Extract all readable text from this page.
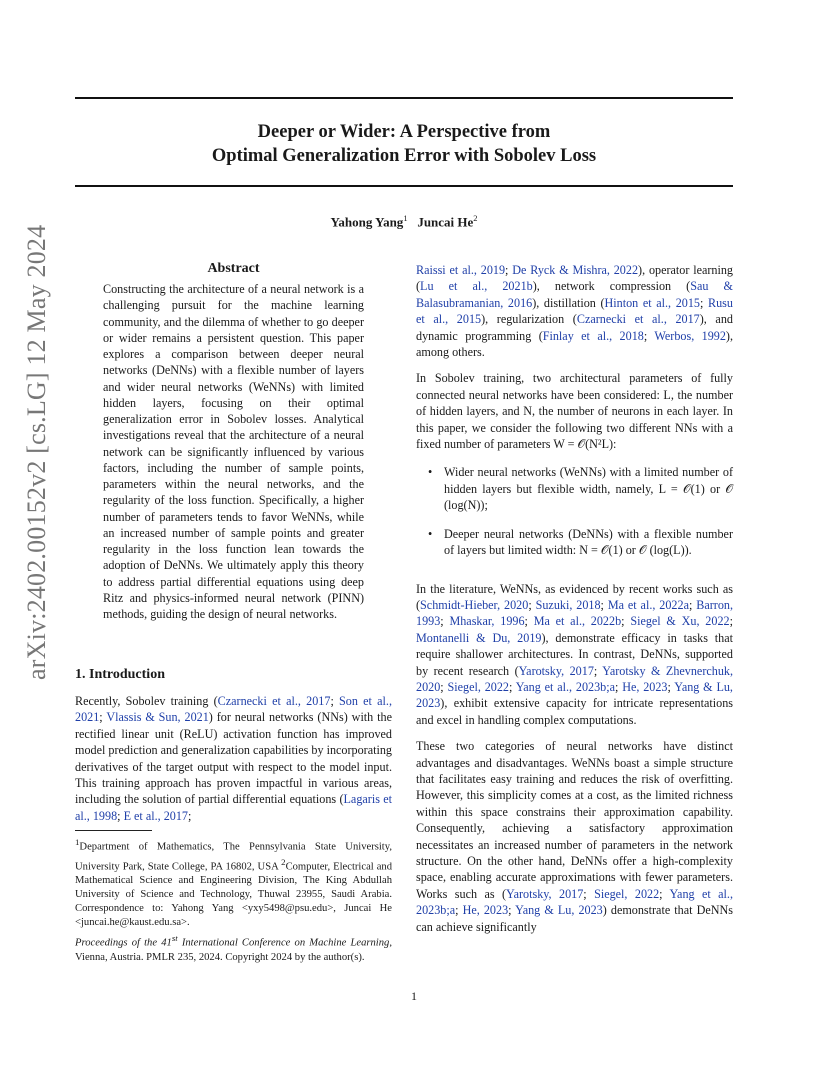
arXiv:2402.00152v2 [cs.LG] 12 May 2024
Deeper or Wider: A Perspective from
Optimal Generalization Error with Sobolev Loss
Yahong Yang$^1$ Juncai He$^2$
Abstract
Constructing the architecture of a neural network is a challenging pursuit for the machine learning community, and the dilemma of whether to go deeper or wider remains a persistent question. This paper explores a comparison between deeper neural networks (DeNNs) with a flexible number of layers and wider neural networks (WeNNs) with limited hidden layers, focusing on their optimal generalization error in Sobolev losses. Analytical investigations reveal that the architecture of a neural network can be significantly influenced by various factors, including the number of sample points, parameters within the neural networks, and the regularity of the loss function. Specifically, a higher number of parameters tends to favor WeNNs, while an increased number of sample points and greater regularity in the loss function lean towards the adoption of DeNNs. We ultimately apply this theory to address partial differential equations using deep Ritz and physics-informed neural network (PINN) methods, guiding the design of neural networks.
1. Introduction

Recently, Sobolev training (Czarnecki et al., 2017; Son et al., 2021; Vlassis & Sun, 2021) for neural networks (NNs) with the rectified linear unit (ReLU) activation function has improved model prediction and generalization capabilities by incorporating derivatives of the target output with respect to the model input. This training approach has proven impactful in various areas, including the solution of partial differential equations (Lagaris et al., 1998; E et al., 2017;

$^1$Department of Mathematics, The Pennsylvania State University, University Park, State College, PA 16802, USA $^2$Computer, Electrical and Mathematical Science and Engineering Division, The King Abdullah University of Science and Technology, Thuwal 23955, Saudi Arabia. Correspondence to: Yahong Yang <yxy5498@psu.edu>, Juncai He <juncai.he@kaust.edu.sa>.
Proceedings of the 41st International Conference on Machine Learning, Vienna, Austria. PMLR 235, 2024. Copyright 2024 by the author(s).

Raissi et al., 2019; De Ryck & Mishra, 2022), operator learning (Lu et al., 2021b), network compression (Sau & Balasubramanian, 2016), distillation (Hinton et al., 2015; Rusu et al., 2015), regularization (Czarnecki et al., 2017), and dynamic programming (Finlay et al., 2018; Werbos, 1992), among others.

In Sobolev training, two architectural parameters of fully connected neural networks have been considered: L, the number of hidden layers, and N, the number of neurons in each layer. In this paper, we consider the following two different NNs with a fixed number of parameters W = 𝒪(N²L):

• Wider neural networks (WeNNs) with a limited number of hidden layers but flexible width, namely, L = 𝒪(1) or 𝒪 (log(N));
• Deeper neural networks (DeNNs) with a flexible number of layers but limited width: N = 𝒪(1) or 𝒪 (log(L)).

In the literature, WeNNs, as evidenced by recent works such as (Schmidt-Hieber, 2020; Suzuki, 2018; Ma et al., 2022a; Barron, 1993; Mhaskar, 1996; Ma et al., 2022b; Siegel & Xu, 2022; Montanelli & Du, 2019), demonstrate efficacy in tasks that require shallower architectures. In contrast, DeNNs, supported by recent research (Yarotsky, 2017; Yarotsky & Zhevnerchuk, 2020; Siegel, 2022; Yang et al., 2023b;a; He, 2023; Yang & Lu, 2023), exhibit extensive capacity for intricate representations and excel in handling complex computations.

These two categories of neural networks have distinct advantages and disadvantages. WeNNs boast a simple structure that facilitates easy training and reduces the risk of overfitting. However, this simplicity comes at a cost, as the limited richness within this space constrains their approximation capability. Consequently, achieving a satisfactory approximation necessitates an increased number of parameters in the network structure. On the other hand, DeNNs offer a high-complexity space, enabling accurate approximations with fewer parameters. Works such as (Yarotsky, 2017; Siegel, 2022; Yang et al., 2023b;a; He, 2023; Yang & Lu, 2023) demonstrate that DeNNs can achieve significantly

1
